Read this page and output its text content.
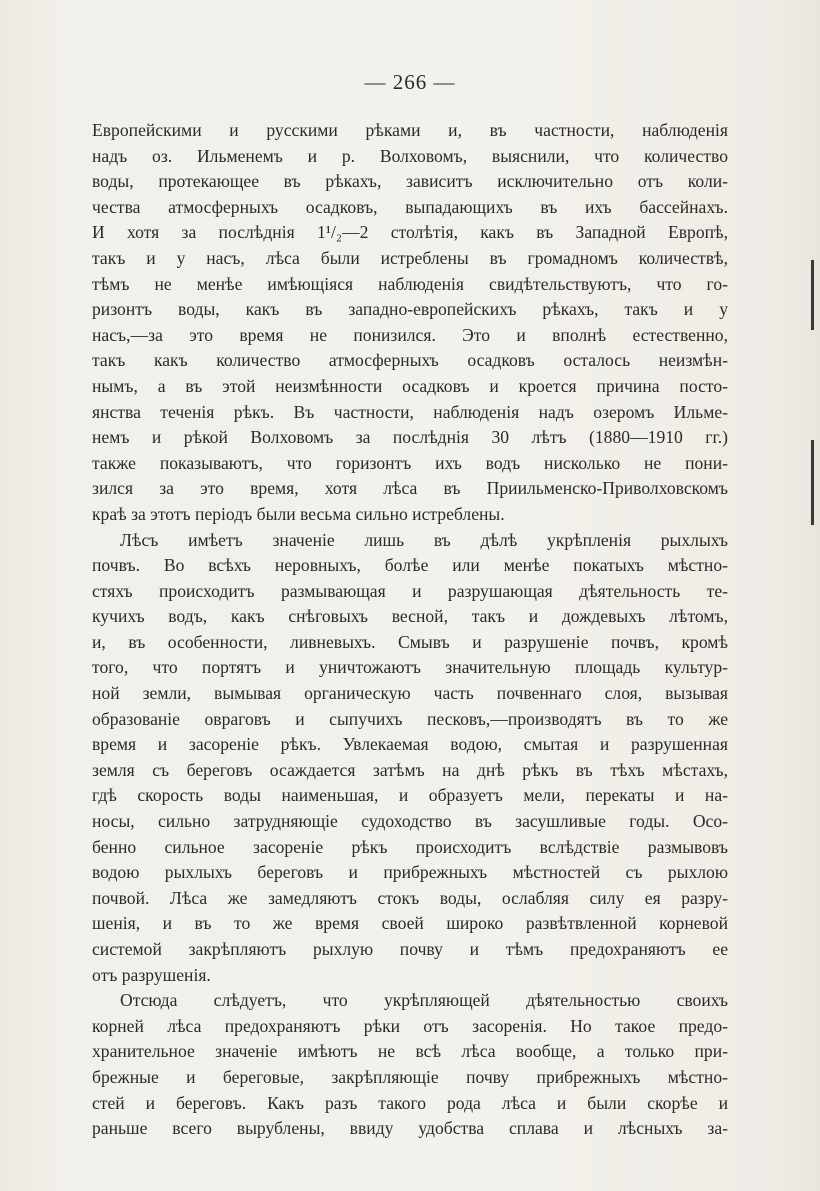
— 266 —
Европейскими и русскими рѣками и, въ частности, наблюденія
надъ оз. Ильменемъ и р. Волховомъ, выяснили, что количество
воды, протекающее въ рѣкахъ, зависитъ исключительно отъ коли-
чества атмосферныхъ осадковъ, выпадающихъ въ ихъ бассейнахъ.
И хотя за послѣднія 1¹/₂—2 столѣтія, какъ въ Западной Европѣ,
такъ и у насъ, лѣса были истреблены въ громадномъ количествѣ,
тѣмъ не менѣе имѣющіяся наблюденія свидѣтельствуютъ, что го-
ризонтъ воды, какъ въ западно-европейскихъ рѣкахъ, такъ и у
насъ,—за это время не понизился. Это и вполнѣ естественно,
такъ какъ количество атмосферныхъ осадковъ осталось неизмѣн-
нымъ, а въ этой неизмѣнности осадковъ и кроется причина посто-
янства теченія рѣкъ. Въ частности, наблюденія надъ озеромъ Ильме-
немъ и рѣкой Волховомъ за послѣднія 30 лѣтъ (1880—1910 гг.)
также показываютъ, что горизонтъ ихъ водъ нисколько не пони-
зился за это время, хотя лѣса въ Приильменско-Приволховскомъ
краѣ за этотъ періодъ были весьма сильно истреблены.
Лѣсъ имѣетъ значеніе лишь въ дѣлѣ укрѣпленія рыхлыхъ
почвъ. Во всѣхъ неровныхъ, болѣе или менѣе покатыхъ мѣстно-
стяхъ происходитъ размывающая и разрушающая дѣятельность те-
кучихъ водъ, какъ снѣговыхъ весной, такъ и дождевыхъ лѣтомъ,
и, въ особенности, ливневыхъ. Смывъ и разрушеніе почвъ, кромѣ
того, что портятъ и уничтожаютъ значительную площадь культур-
ной земли, вымывая органическую часть почвеннаго слоя, вызывая
образованіе овраговъ и сыпучихъ песковъ,—производятъ въ то же
время и засореніе рѣкъ. Увлекаемая водою, смытая и разрушенная
земля съ береговъ осаждается затѣмъ на днѣ рѣкъ въ тѣхъ мѣстахъ,
гдѣ скорость воды наименьшая, и образуетъ мели, перекаты и на-
носы, сильно затрудняющіе судоходство въ засушливые годы. Осо-
бенно сильное засореніе рѣкъ происходитъ вслѣдствіе размывовъ
водою рыхлыхъ береговъ и прибрежныхъ мѣстностей съ рыхлою
почвой. Лѣса же замедляютъ стокъ воды, ослабляя силу ея разру-
шенія, и въ то же время своей широко развѣтвленной корневой
системой закрѣпляютъ рыхлую почву и тѣмъ предохраняютъ ее
отъ разрушенія.
Отсюда слѣдуетъ, что укрѣпляющей дѣятельностью своихъ
корней лѣса предохраняютъ рѣки отъ засоренія. Но такое предо-
хранительное значеніе имѣютъ не всѣ лѣса вообще, а только при-
брежные и береговые, закрѣпляющіе почву прибрежныхъ мѣстно-
стей и береговъ. Какъ разъ такого рода лѣса и были скорѣе и
раньше всего вырублены, ввиду удобства сплава и лѣсныхъ за-
